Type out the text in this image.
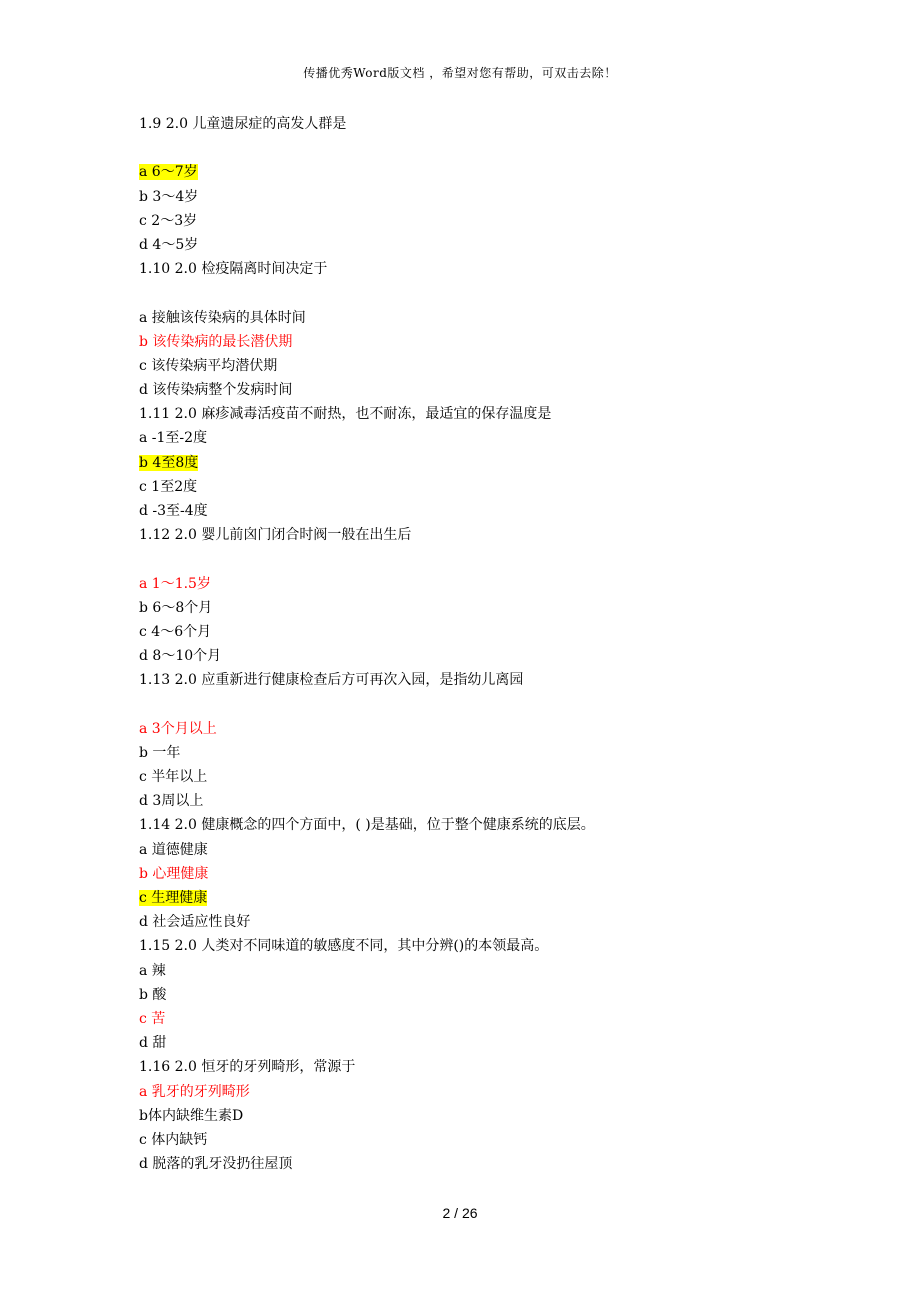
传播优秀Word版文档 ，希望对您有帮助，可双击去除！
1.9 2.0 儿童遗尿症的高发人群是
a 6～7岁
b 3～4岁
c 2～3岁
d 4～5岁
1.10 2.0 检疫隔离时间决定于
a 接触该传染病的具体时间
b 该传染病的最长潜伏期
c 该传染病平均潜伏期
d 该传染病整个发病时间
1.11 2.0 麻疹减毒活疫苗不耐热，也不耐冻，最适宜的保存温度是
a -1至-2度
b 4至8度
c 1至2度
d -3至-4度
1.12 2.0 婴儿前囟门闭合时阀一般在出生后
a 1～1.5岁
b 6～8个月
c 4～6个月
d 8～10个月
1.13 2.0 应重新进行健康检查后方可再次入园，是指幼儿离园
a 3个月以上
b 一年
c 半年以上
d 3周以上
1.14 2.0 健康概念的四个方面中，( )是基础，位于整个健康系统的底层。
a 道德健康
b 心理健康
c 生理健康
d 社会适应性良好
1.15 2.0 人类对不同味道的敏感度不同，其中分辨()的本领最高。
a 辣
b 酸
c 苦
d 甜
1.16 2.0 恒牙的牙列畸形，常源于
a 乳牙的牙列畸形
b体内缺维生素D
c 体内缺钙
d 脱落的乳牙没扔往屋顶
2 / 26
